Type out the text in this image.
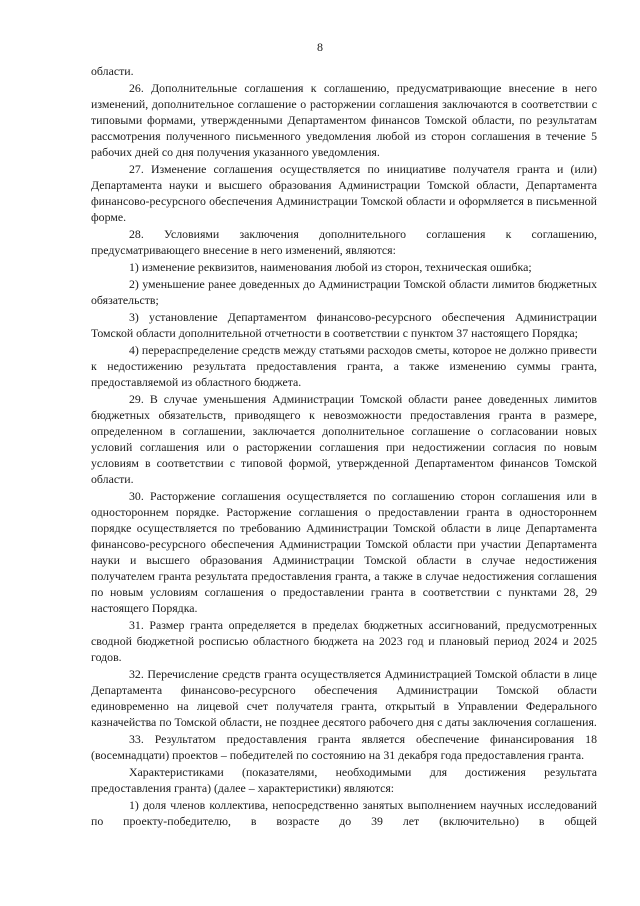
8

области.

26. Дополнительные соглашения к соглашению, предусматривающие внесение в него изменений, дополнительное соглашение о расторжении соглашения заключаются в соответствии с типовыми формами, утвержденными Департаментом финансов Томской области, по результатам рассмотрения полученного письменного уведомления любой из сторон соглашения в течение 5 рабочих дней со дня получения указанного уведомления.

27. Изменение соглашения осуществляется по инициативе получателя гранта и (или) Департамента науки и высшего образования Администрации Томской области, Департамента финансово-ресурсного обеспечения Администрации Томской области и оформляется в письменной форме.

28. Условиями заключения дополнительного соглашения к соглашению, предусматривающего внесение в него изменений, являются:

1) изменение реквизитов, наименования любой из сторон, техническая ошибка;

2) уменьшение ранее доведенных до Администрации Томской области лимитов бюджетных обязательств;

3) установление Департаментом финансово-ресурсного обеспечения Администрации Томской области дополнительной отчетности в соответствии с пунктом 37 настоящего Порядка;

4) перераспределение средств между статьями расходов сметы, которое не должно привести к недостижению результата предоставления гранта, а также изменению суммы гранта, предоставляемой из областного бюджета.

29. В случае уменьшения Администрации Томской области ранее доведенных лимитов бюджетных обязательств, приводящего к невозможности предоставления гранта в размере, определенном в соглашении, заключается дополнительное соглашение о согласовании новых условий соглашения или о расторжении соглашения при недостижении согласия по новым условиям в соответствии с типовой формой, утвержденной Департаментом финансов Томской области.

30. Расторжение соглашения осуществляется по соглашению сторон соглашения или в одностороннем порядке. Расторжение соглашения о предоставлении гранта в одностороннем порядке осуществляется по требованию Администрации Томской области в лице Департамента финансово-ресурсного обеспечения Администрации Томской области при участии Департамента науки и высшего образования Администрации Томской области в случае недостижения получателем гранта результата предоставления гранта, а также в случае недостижения соглашения по новым условиям соглашения о предоставлении гранта в соответствии с пунктами 28, 29 настоящего Порядка.

31. Размер гранта определяется в пределах бюджетных ассигнований, предусмотренных сводной бюджетной росписью областного бюджета на 2023 год и плановый период 2024 и 2025 годов.

32. Перечисление средств гранта осуществляется Администрацией Томской области в лице Департамента финансово-ресурсного обеспечения Администрации Томской области единовременно на лицевой счет получателя гранта, открытый в Управлении Федерального казначейства по Томской области, не позднее десятого рабочего дня с даты заключения соглашения.

33. Результатом предоставления гранта является обеспечение финансирования 18 (восемнадцати) проектов – победителей по состоянию на 31 декабря года предоставления гранта.

Характеристиками (показателями, необходимыми для достижения результата предоставления гранта) (далее – характеристики) являются:

1) доля членов коллектива, непосредственно занятых выполнением научных исследований по проекту-победителю, в возрасте до 39 лет (включительно) в общей
